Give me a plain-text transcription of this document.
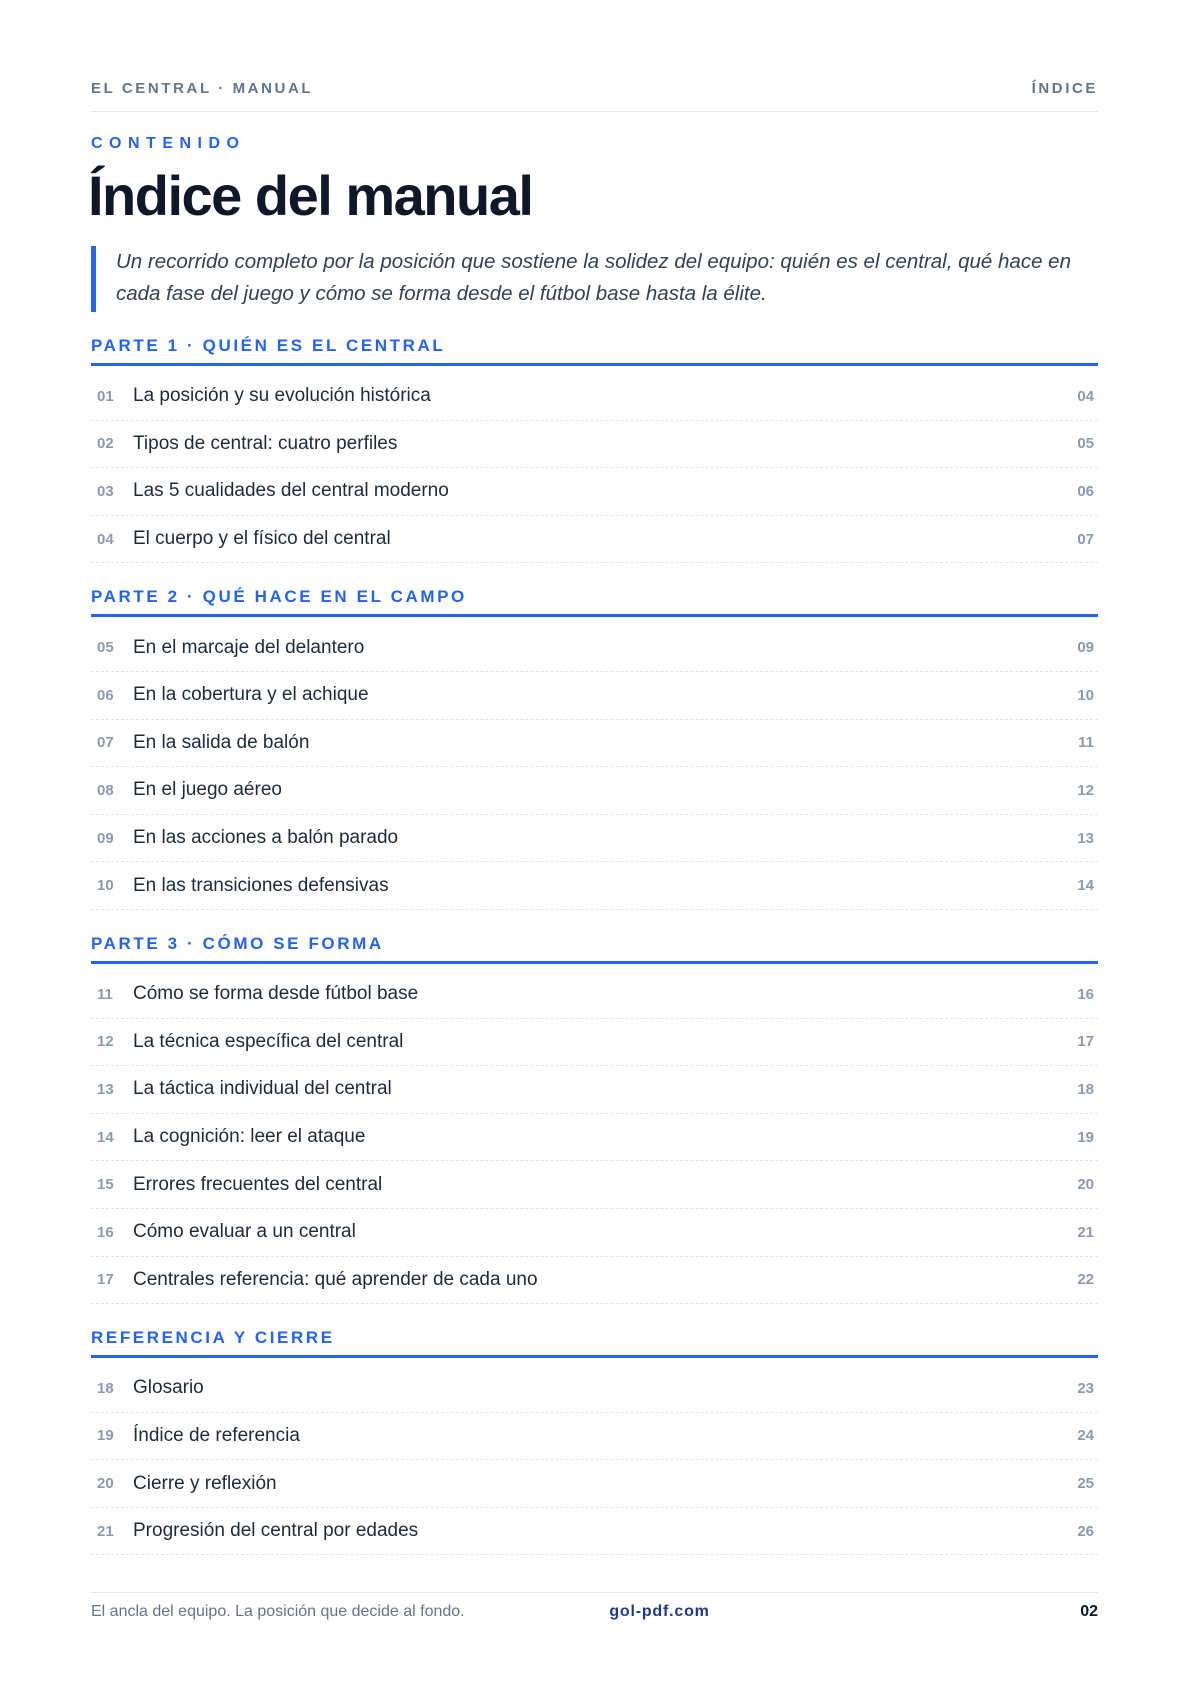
EL CENTRAL · MANUAL	ÍNDICE
CONTENIDO
Índice del manual
Un recorrido completo por la posición que sostiene la solidez del equipo: quién es el central, qué hace en cada fase del juego y cómo se forma desde el fútbol base hasta la élite.
PARTE 1 · QUIÉN ES EL CENTRAL
01	La posición y su evolución histórica	04
02	Tipos de central: cuatro perfiles	05
03	Las 5 cualidades del central moderno	06
04	El cuerpo y el físico del central	07
PARTE 2 · QUÉ HACE EN EL CAMPO
05	En el marcaje del delantero	09
06	En la cobertura y el achique	10
07	En la salida de balón	11
08	En el juego aéreo	12
09	En las acciones a balón parado	13
10	En las transiciones defensivas	14
PARTE 3 · CÓMO SE FORMA
11	Cómo se forma desde fútbol base	16
12	La técnica específica del central	17
13	La táctica individual del central	18
14	La cognición: leer el ataque	19
15	Errores frecuentes del central	20
16	Cómo evaluar a un central	21
17	Centrales referencia: qué aprender de cada uno	22
REFERENCIA Y CIERRE
18	Glosario	23
19	Índice de referencia	24
20	Cierre y reflexión	25
21	Progresión del central por edades	26
El ancla del equipo. La posición que decide al fondo.	gol-pdf.com	02
